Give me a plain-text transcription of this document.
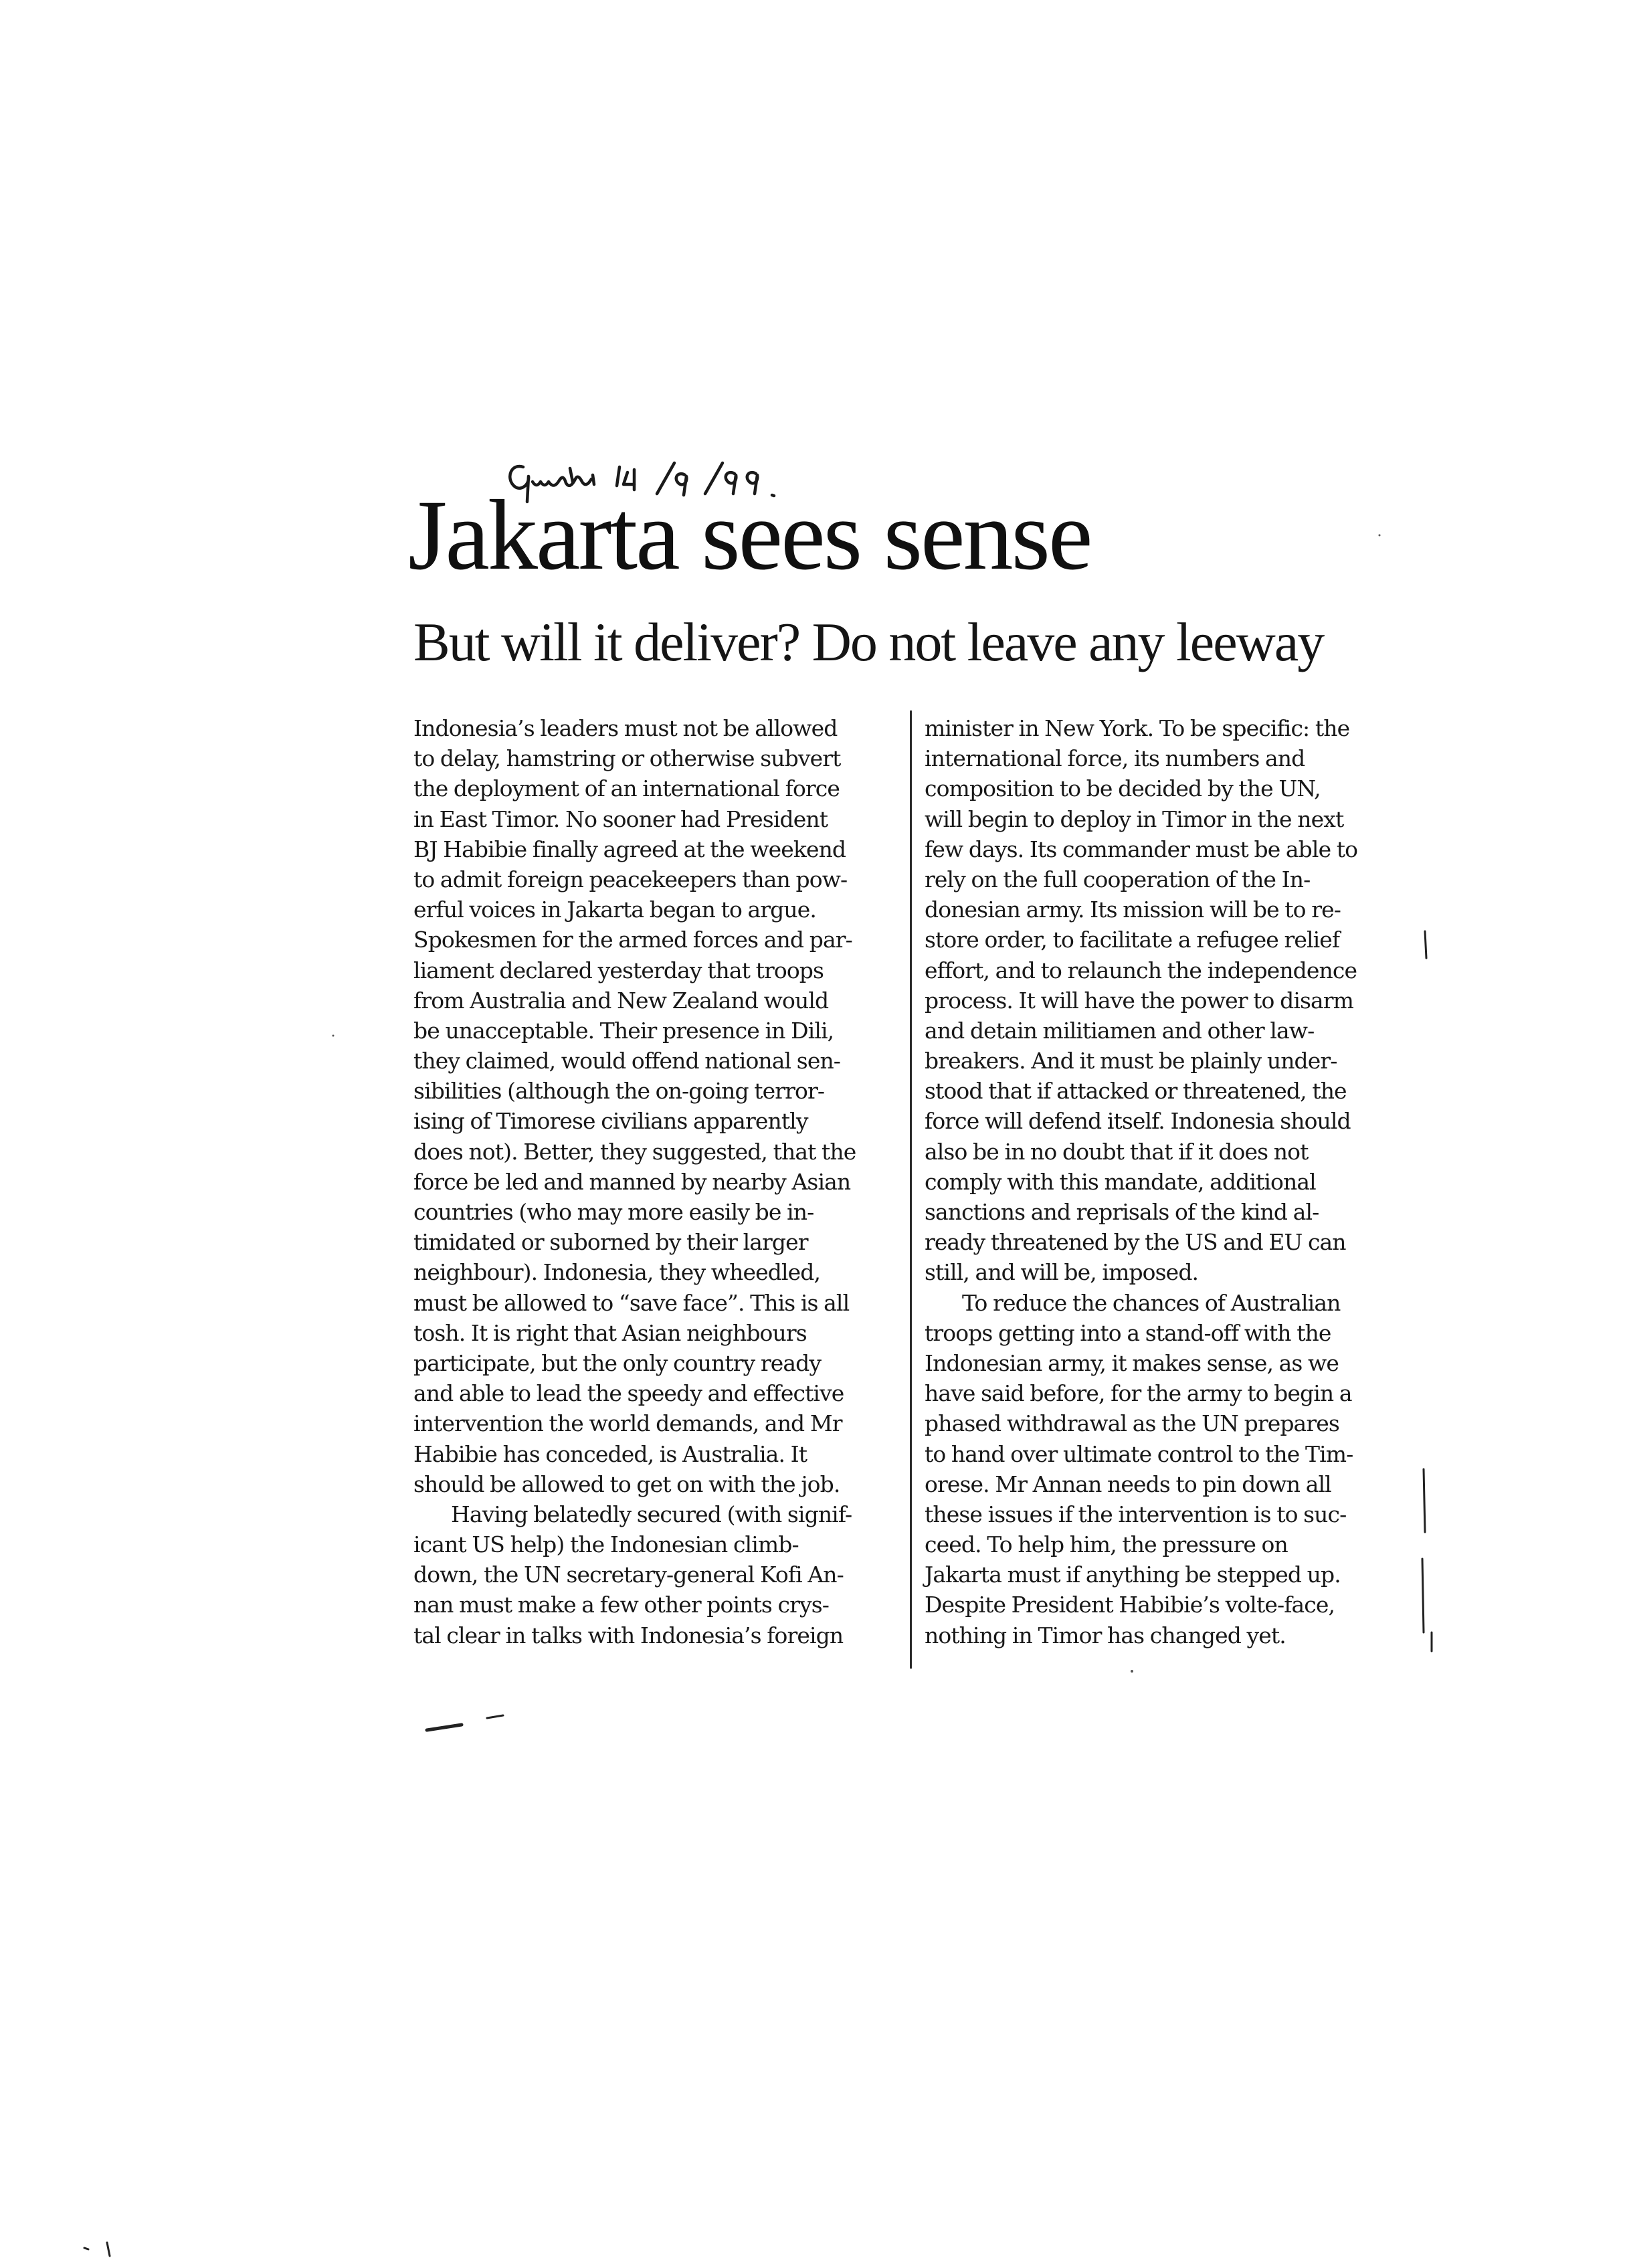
Jakarta sees sense
But will it deliver? Do not leave any leeway
Indonesia’s leaders must not be allowed
to delay, hamstring or otherwise subvert
the deployment of an international force
in East Timor. No sooner had President
BJ Habibie finally agreed at the weekend
to admit foreign peacekeepers than pow-
erful voices in Jakarta began to argue.
Spokesmen for the armed forces and par-
liament declared yesterday that troops
from Australia and New Zealand would
be unacceptable. Their presence in Dili,
they claimed, would offend national sen-
sibilities (although the on-going terror-
ising of Timorese civilians apparently
does not). Better, they suggested, that the
force be led and manned by nearby Asian
countries (who may more easily be in-
timidated or suborned by their larger
neighbour). Indonesia, they wheedled,
must be allowed to “save face”. This is all
tosh. It is right that Asian neighbours
participate, but the only country ready
and able to lead the speedy and effective
intervention the world demands, and Mr
Habibie has conceded, is Australia. It
should be allowed to get on with the job.
Having belatedly secured (with signif-
icant US help) the Indonesian climb-
down, the UN secretary-general Kofi An-
nan must make a few other points crys-
tal clear in talks with Indonesia’s foreign
minister in New York. To be specific: the
international force, its numbers and
composition to be decided by the UN,
will begin to deploy in Timor in the next
few days. Its commander must be able to
rely on the full cooperation of the In-
donesian army. Its mission will be to re-
store order, to facilitate a refugee relief
effort, and to relaunch the independence
process. It will have the power to disarm
and detain militiamen and other law-
breakers. And it must be plainly under-
stood that if attacked or threatened, the
force will defend itself. Indonesia should
also be in no doubt that if it does not
comply with this mandate, additional
sanctions and reprisals of the kind al-
ready threatened by the US and EU can
still, and will be, imposed.
To reduce the chances of Australian
troops getting into a stand-off with the
Indonesian army, it makes sense, as we
have said before, for the army to begin a
phased withdrawal as the UN prepares
to hand over ultimate control to the Tim-
orese. Mr Annan needs to pin down all
these issues if the intervention is to suc-
ceed. To help him, the pressure on
Jakarta must if anything be stepped up.
Despite President Habibie’s volte-face,
nothing in Timor has changed yet.
